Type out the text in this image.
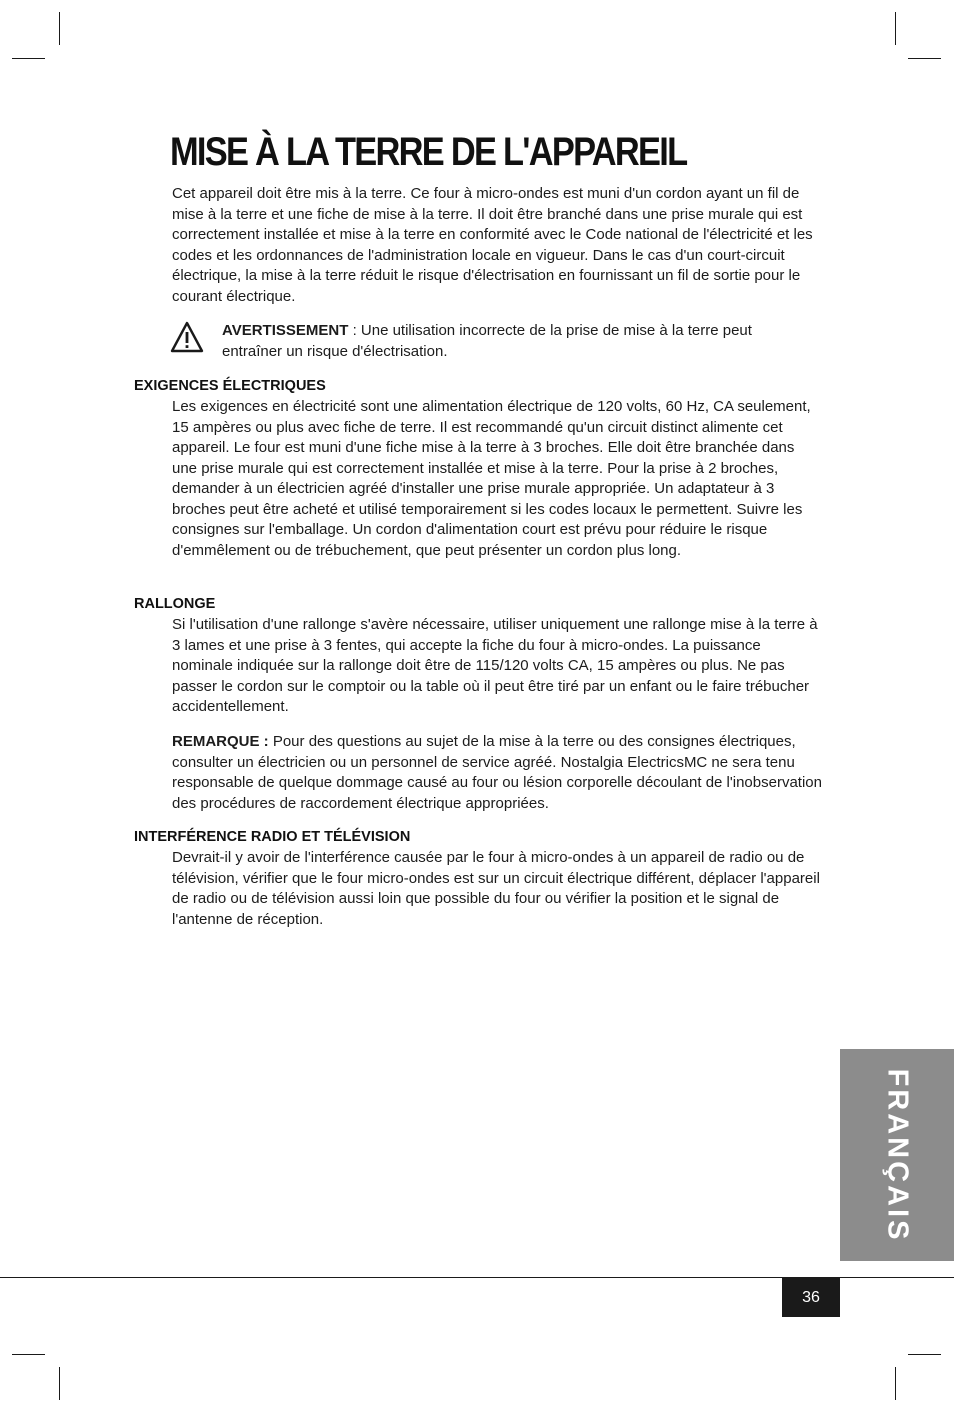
MISE À LA TERRE DE L'APPAREIL

Cet appareil doit être mis à la terre. Ce four à micro-ondes est muni d'un cordon ayant un fil de mise à la terre et une fiche de mise à la terre. Il doit être branché dans une prise murale qui est correctement installée et mise à la terre en conformité avec le Code national de l'électricité et les codes et les ordonnances de l'administration locale en vigueur. Dans le cas d'un court-circuit électrique, la mise à la terre réduit le risque d'électrisation en fournissant un fil de sortie pour le courant électrique.

AVERTISSEMENT : Une utilisation incorrecte de la prise de mise à la terre peut entraîner un risque d'électrisation.
EXIGENCES ÉLECTRIQUES

Les exigences en électricité sont une alimentation électrique de 120 volts, 60 Hz, CA seulement, 15 ampères ou plus avec fiche de terre. Il est recommandé qu'un circuit distinct alimente cet appareil. Le four est muni d'une fiche mise à la terre à 3 broches. Elle doit être branchée dans une prise murale qui est correctement installée et mise à la terre. Pour la prise à 2 broches, demander à un électricien agréé d'installer une prise murale appropriée. Un adaptateur à 3 broches peut être acheté et utilisé temporairement si les codes locaux le permettent. Suivre les consignes sur l'emballage. Un cordon d'alimentation court est prévu pour réduire le risque d'emmêlement ou de trébuchement, que peut présenter un cordon plus long.

RALLONGE

Si l'utilisation d'une rallonge s'avère nécessaire, utiliser uniquement une rallonge mise à la terre à 3 lames et une prise à 3 fentes, qui accepte la fiche du four à micro-ondes. La puissance nominale indiquée sur la rallonge doit être de 115/120 volts CA, 15 ampères ou plus. Ne pas passer le cordon sur le comptoir ou la table où il peut être tiré par un enfant ou le faire trébucher accidentellement.

REMARQUE : Pour des questions au sujet de la mise à la terre ou des consignes électriques, consulter un électricien ou un personnel de service agréé. Nostalgia ElectricsMC ne sera tenu responsable de quelque dommage causé au four ou lésion corporelle découlant de l'inobservation des procédures de raccordement électrique appropriées.

INTERFÉRENCE RADIO ET TÉLÉVISION

Devrait-il y avoir de l'interférence causée par le four à micro-ondes à un appareil de radio ou de télévision, vérifier que le four micro-ondes est sur un circuit électrique différent, déplacer l'appareil de radio ou de télévision aussi loin que possible du four ou vérifier la position et le signal de l'antenne de réception.

FRANÇAIS
36
